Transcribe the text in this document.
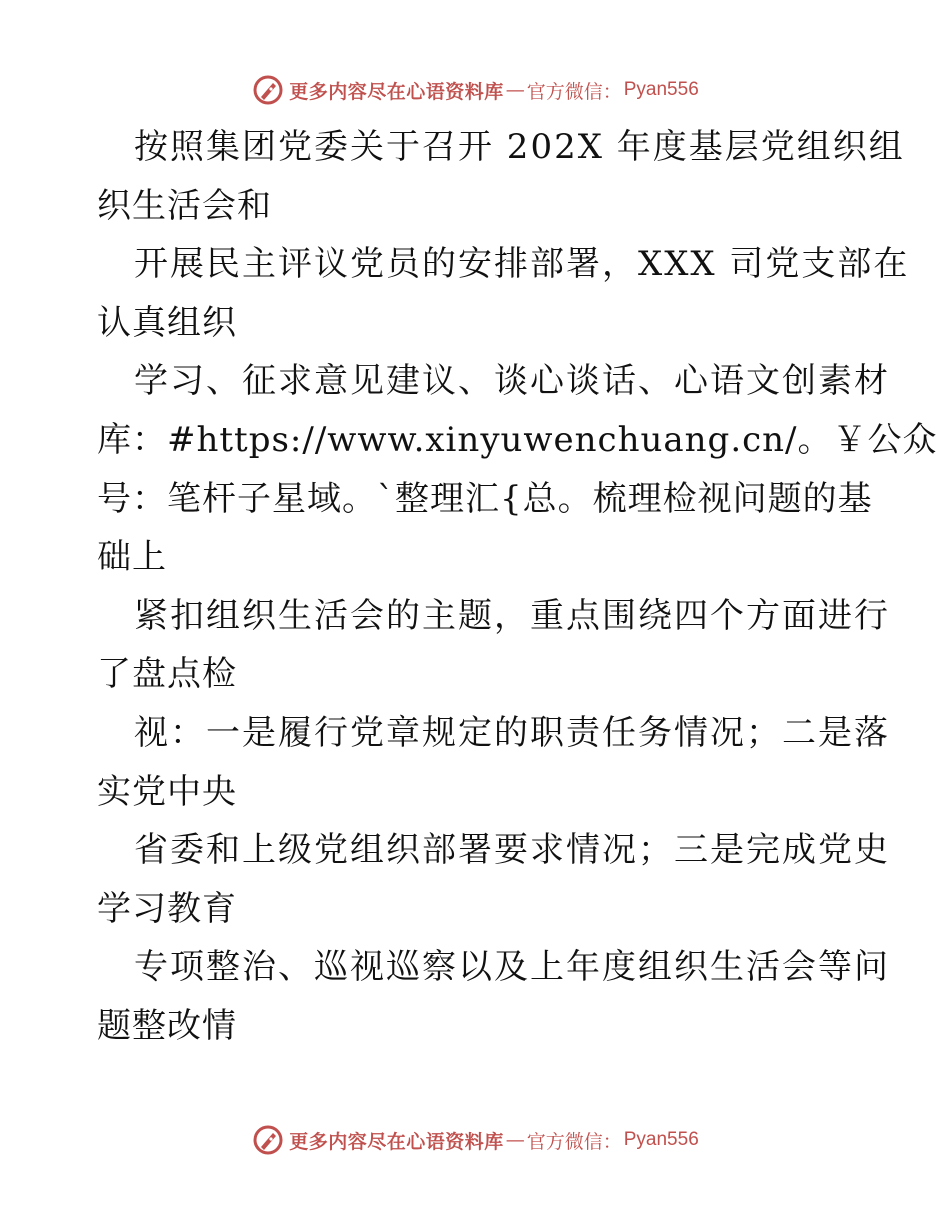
更多内容尽在心语资料库 — 官方微信： Pyan556
按照集团党委关于召开 202X 年度基层党组织组
织生活会和
开展民主评议党员的安排部署，XXX 司党支部在
认真组织
学习、征求意见建议、谈心谈话、心语文创素材
库：#https://www.xinyuwenchuang.cn/。￥公众
号：笔杆子星域。`整理汇{总。梳理检视问题的基
础上
紧扣组织生活会的主题，重点围绕四个方面进行
了盘点检
视：一是履行党章规定的职责任务情况；二是落
实党中央
省委和上级党组织部署要求情况；三是完成党史
学习教育
专项整治、巡视巡察以及上年度组织生活会等问
题整改情
更多内容尽在心语资料库 — 官方微信： Pyan556
